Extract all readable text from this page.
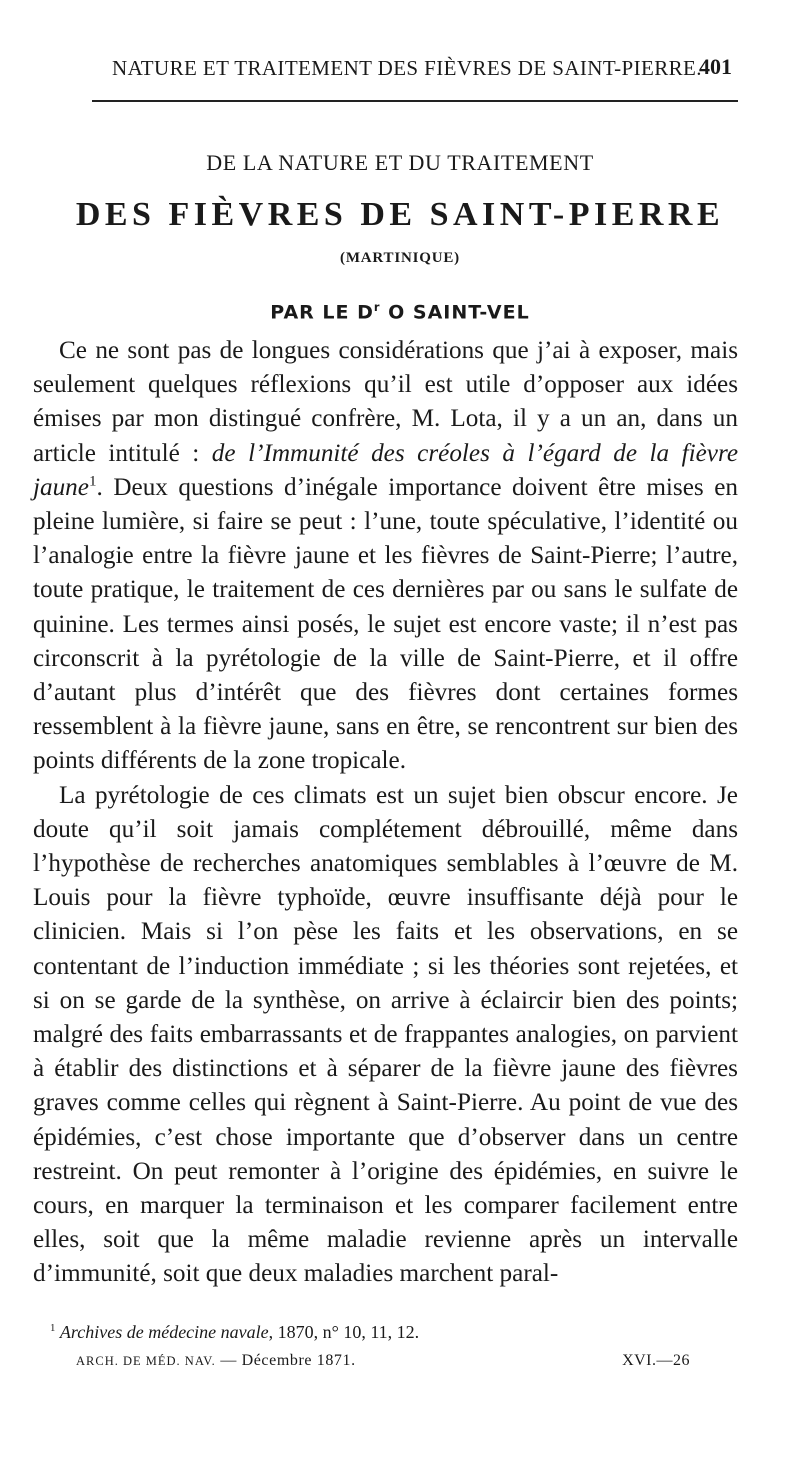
NATURE ET TRAITEMENT DES FIÈVRES DE SAINT-PIERRE.
401
DE LA NATURE ET DU TRAITEMENT
DES FIÈVRES DE SAINT-PIERRE
(MARTINIQUE)
PAR LE $D^r$ O SAINT-VEL

Ce ne sont pas de longues considérations que j’ai à exposer, mais seulement quelques réflexions qu’il est utile d’opposer aux idées émises par mon distingué confrère, M. Lota, il y a un an, dans un article intitulé : de l’Immunité des créoles à l’égard de la fièvre jaune$^1$. Deux questions d’inégale importance doivent être mises en pleine lumière, si faire se peut : l’une, toute spéculative, l’identité ou l’analogie entre la fièvre jaune et les fièvres de Saint-Pierre; l’autre, toute pratique, le traitement de ces dernières par ou sans le sulfate de quinine. Les termes ainsi posés, le sujet est encore vaste; il n’est pas circonscrit à la pyrétologie de la ville de Saint-Pierre, et il offre d’autant plus d’intérêt que des fièvres dont certaines formes ressemblent à la fièvre jaune, sans en être, se rencontrent sur bien des points différents de la zone tropicale.

La pyrétologie de ces climats est un sujet bien obscur encore. Je doute qu’il soit jamais complétement débrouillé, même dans l’hypothèse de recherches anatomiques semblables à l’œuvre de M. Louis pour la fièvre typhoïde, œuvre insuffisante déjà pour le clinicien. Mais si l’on pèse les faits et les observations, en se contentant de l’induction immédiate ; si les théories sont rejetées, et si on se garde de la synthèse, on arrive à éclaircir bien des points; malgré des faits embarrassants et de frappantes analogies, on parvient à établir des distinctions et à séparer de la fièvre jaune des fièvres graves comme celles qui règnent à Saint-Pierre. Au point de vue des épidémies, c’est chose importante que d’observer dans un centre restreint. On peut remonter à l’origine des épidémies, en suivre le cours, en marquer la terminaison et les comparer facilement entre elles, soit que la même maladie revienne après un intervalle d’immunité, soit que deux maladies marchent paral-

$^1$ Archives de médecine navale, 1870, n° 10, 11, 12.
ARCH. DE MÉD. NAV. — Décembre 1871.	XVI.—26
